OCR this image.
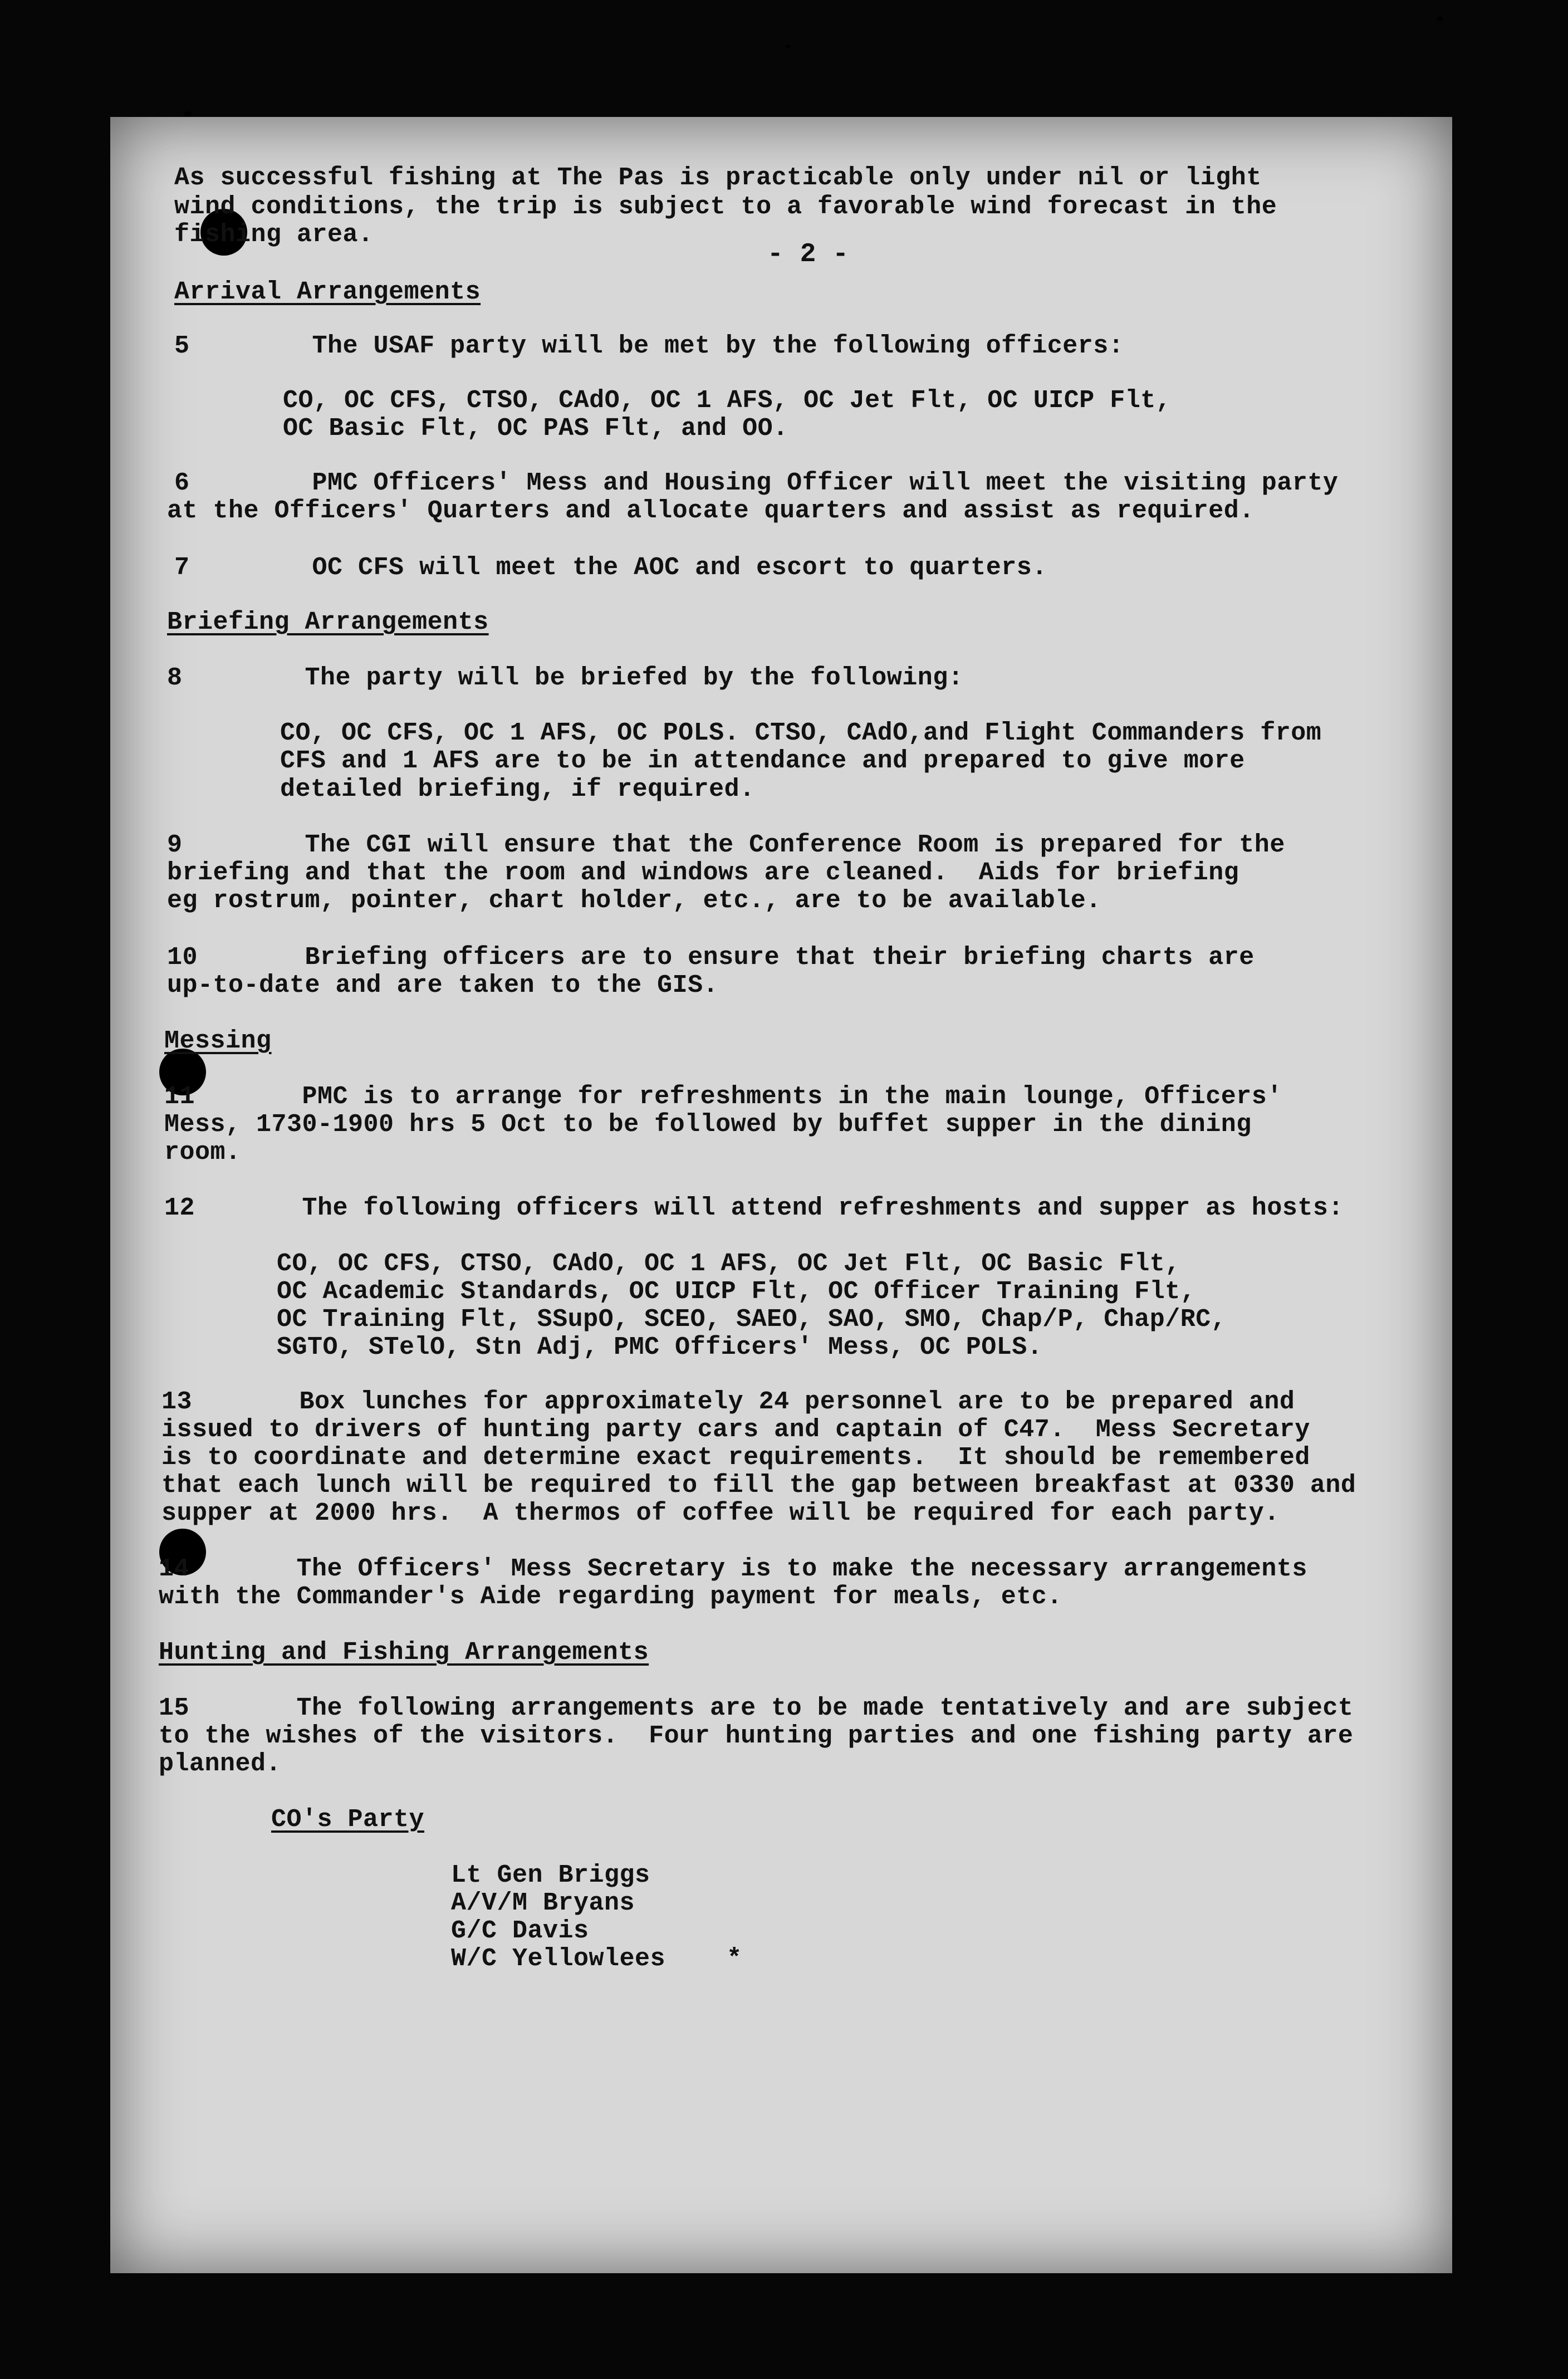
- 2 -
As successful fishing at The Pas is practicable only under nil or light
wind conditions, the trip is subject to a favorable wind forecast in the
fishing area.
Arrival Arrangements
5        The USAF party will be met by the following officers:
CO, OC CFS, CTSO, CAdO, OC 1 AFS, OC Jet Flt, OC UICP Flt,
OC Basic Flt, OC PAS Flt, and OO.
6        PMC Officers' Mess and Housing Officer will meet the visiting party
at the Officers' Quarters and allocate quarters and assist as required.
7        OC CFS will meet the AOC and escort to quarters.
Briefing Arrangements
8        The party will be briefed by the following:
CO, OC CFS, OC 1 AFS, OC POLS. CTSO, CAdO,and Flight Commanders from
CFS and 1 AFS are to be in attendance and prepared to give more
detailed briefing, if required.
9        The CGI will ensure that the Conference Room is prepared for the
briefing and that the room and windows are cleaned.  Aids for briefing
eg rostrum, pointer, chart holder, etc., are to be available.
10       Briefing officers are to ensure that their briefing charts are
up-to-date and are taken to the GIS.
Messing
11       PMC is to arrange for refreshments in the main lounge, Officers'
Mess, 1730-1900 hrs 5 Oct to be followed by buffet supper in the dining
room.
12       The following officers will attend refreshments and supper as hosts:
CO, OC CFS, CTSO, CAdO, OC 1 AFS, OC Jet Flt, OC Basic Flt,
OC Academic Standards, OC UICP Flt, OC Officer Training Flt,
OC Training Flt, SSupO, SCEO, SAEO, SAO, SMO, Chap/P, Chap/RC,
SGTO, STelO, Stn Adj, PMC Officers' Mess, OC POLS.
13       Box lunches for approximately 24 personnel are to be prepared and
issued to drivers of hunting party cars and captain of C47.  Mess Secretary
is to coordinate and determine exact requirements.  It should be remembered
that each lunch will be required to fill the gap between breakfast at 0330 and
supper at 2000 hrs.  A thermos of coffee will be required for each party.
14       The Officers' Mess Secretary is to make the necessary arrangements
with the Commander's Aide regarding payment for meals, etc.
Hunting and Fishing Arrangements
15       The following arrangements are to be made tentatively and are subject
to the wishes of the visitors.  Four hunting parties and one fishing party are
planned.
CO's Party
Lt Gen Briggs
A/V/M Bryans
G/C Davis
W/C Yellowlees    *
